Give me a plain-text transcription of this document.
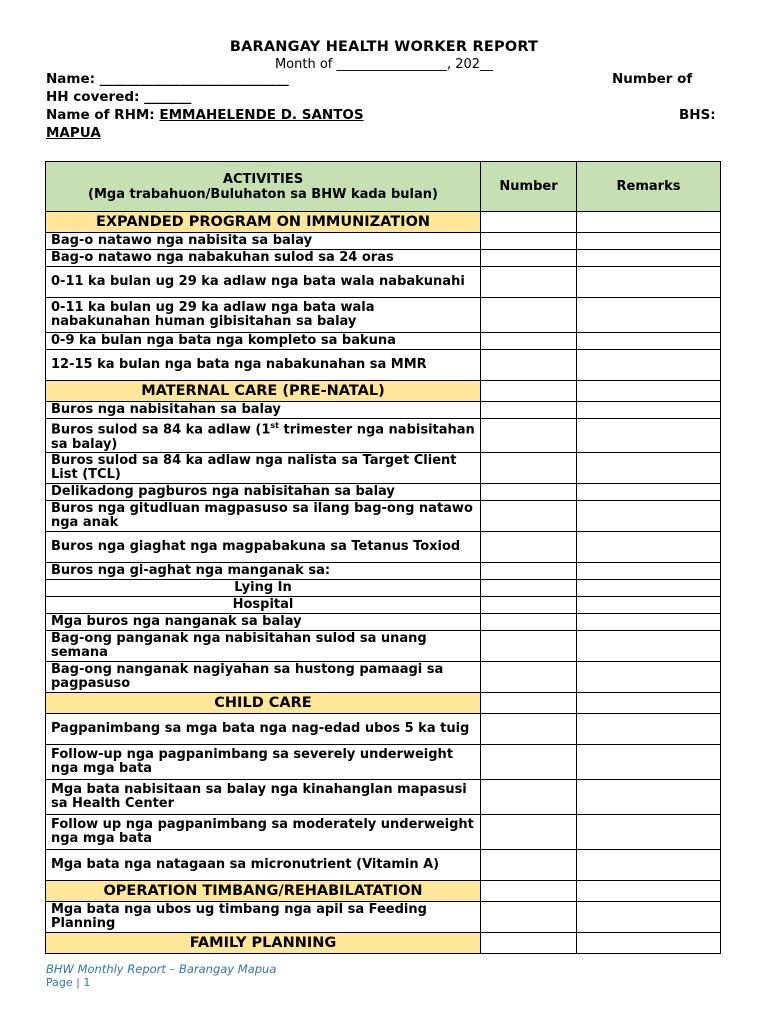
BARANGAY HEALTH WORKER REPORT
Month of _________________, 202__
Name: ____________________________	Number of
HH covered: _______
Name of RHM: EMMAHELENDE D. SANTOS	BHS:
MAPUA
ACTIVITIES
(Mga trabahuon/Buluhaton sa BHW kada bulan)	Number	Remarks
EXPANDED PROGRAM ON IMMUNIZATION		
Bag-o natawo nga nabisita sa balay		
Bag-o natawo nga nabakuhan sulod sa 24 oras		
0-11 ka bulan ug 29 ka adlaw nga bata wala nabakunahi		
0-11 ka bulan ug 29 ka adlaw nga bata wala nabakunahan human gibisitahan sa balay		
0-9 ka bulan nga bata nga kompleto sa bakuna		
12-15 ka bulan nga bata nga nabakunahan sa MMR		
MATERNAL CARE (PRE-NATAL)		
Buros nga nabisitahan sa balay		
Buros sulod sa 84 ka adlaw (1st trimester nga nabisitahan sa balay)		
Buros sulod sa 84 ka adlaw nga nalista sa Target Client List (TCL)		
Delikadong pagburos nga nabisitahan sa balay		
Buros nga gitudluan magpasuso sa ilang bag-ong natawo nga anak		
Buros nga giaghat nga magpabakuna sa Tetanus Toxiod		
Buros nga gi-aghat nga manganak sa:		
Lying In		
Hospital		
Mga buros nga nanganak sa balay		
Bag-ong panganak nga nabisitahan sulod sa unang semana		
Bag-ong nanganak nagiyahan sa hustong pamaagi sa pagpasuso		
CHILD CARE		
Pagpanimbang sa mga bata nga nag-edad ubos 5 ka tuig		
Follow-up nga pagpanimbang sa severely underweight nga mga bata		
Mga bata nabisitaan sa balay nga kinahanglan mapasusi sa Health Center		
Follow up nga pagpanimbang sa moderately underweight nga mga bata		
Mga bata nga natagaan sa micronutrient (Vitamin A)		
OPERATION TIMBANG/REHABILATATION		
Mga bata nga ubos ug timbang nga apil sa Feeding Planning		
FAMILY PLANNING		
BHW Monthly Report – Barangay Mapua
Page | 1
